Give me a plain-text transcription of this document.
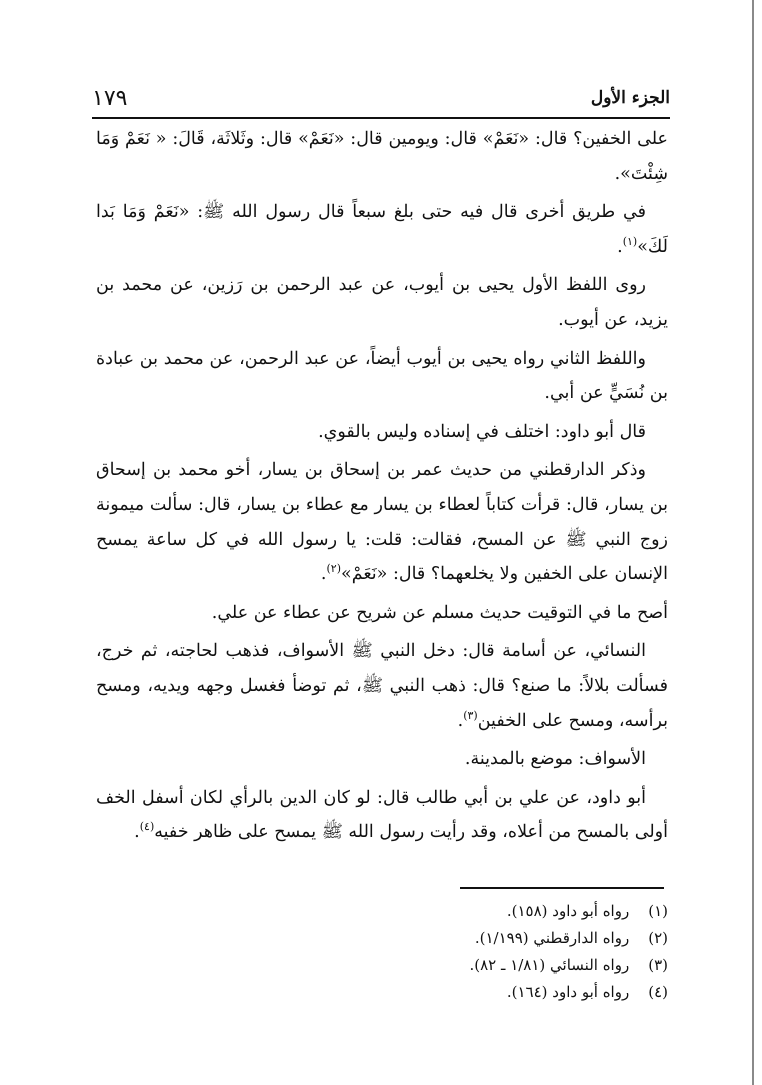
الجزء الأول
١٧٩

على الخفين؟ قال: «نَعَمْ» قال: ويومين قال: «نَعَمْ» قال: وثَلاثَة، قَالَ: « نَعَمْ وَمَا شِئْتَ».

في طريق أخرى قال فيه حتى بلغ سبعاً قال رسول الله ﷺ: «نَعَمْ وَمَا بَدا لَكَ»$^{(١)}$.

روى اللفظ الأول يحيى بن أيوب، عن عبد الرحمن بن رَزين، عن محمد بن يزيد، عن أيوب.

واللفظ الثاني رواه يحيى بن أيوب أيضاً، عن عبد الرحمن، عن محمد بن عبادة بن نُسَيٍّ عن أبي.

قال أبو داود: اختلف في إسناده وليس بالقوي.

وذكر الدارقطني من حديث عمر بن إسحاق بن يسار، أخو محمد بن إسحاق بن يسار، قال: قرأت كتاباً لعطاء بن يسار مع عطاء بن يسار، قال: سألت ميمونة زوج النبي ﷺ عن المسح، فقالت: قلت: يا رسول الله في كل ساعة يمسح الإنسان على الخفين ولا يخلعهما؟ قال: «نَعَمْ»$^{(٢)}$.

أصح ما في التوقيت حديث مسلم عن شريح عن عطاء عن علي.

النسائي، عن أسامة قال: دخل النبي ﷺ الأسواف، فذهب لحاجته، ثم خرج، فسألت بلالاً: ما صنع؟ قال: ذهب النبي ﷺ، ثم توضأ فغسل وجهه ويديه، ومسح برأسه، ومسح على الخفين$^{(٣)}$.

الأسواف: موضع بالمدينة.

أبو داود، عن علي بن أبي طالب قال: لو كان الدين بالرأي لكان أسفل الخف أولى بالمسح من أعلاه، وقد رأيت رسول الله ﷺ يمسح على ظاهر خفيه$^{(٤)}$.

(١) رواه أبو داود (١٥٨).
(٢) رواه الدارقطني (١/١٩٩).
(٣) رواه النسائي (١/٨١ ـ ٨٢).
(٤) رواه أبو داود (١٦٤).
